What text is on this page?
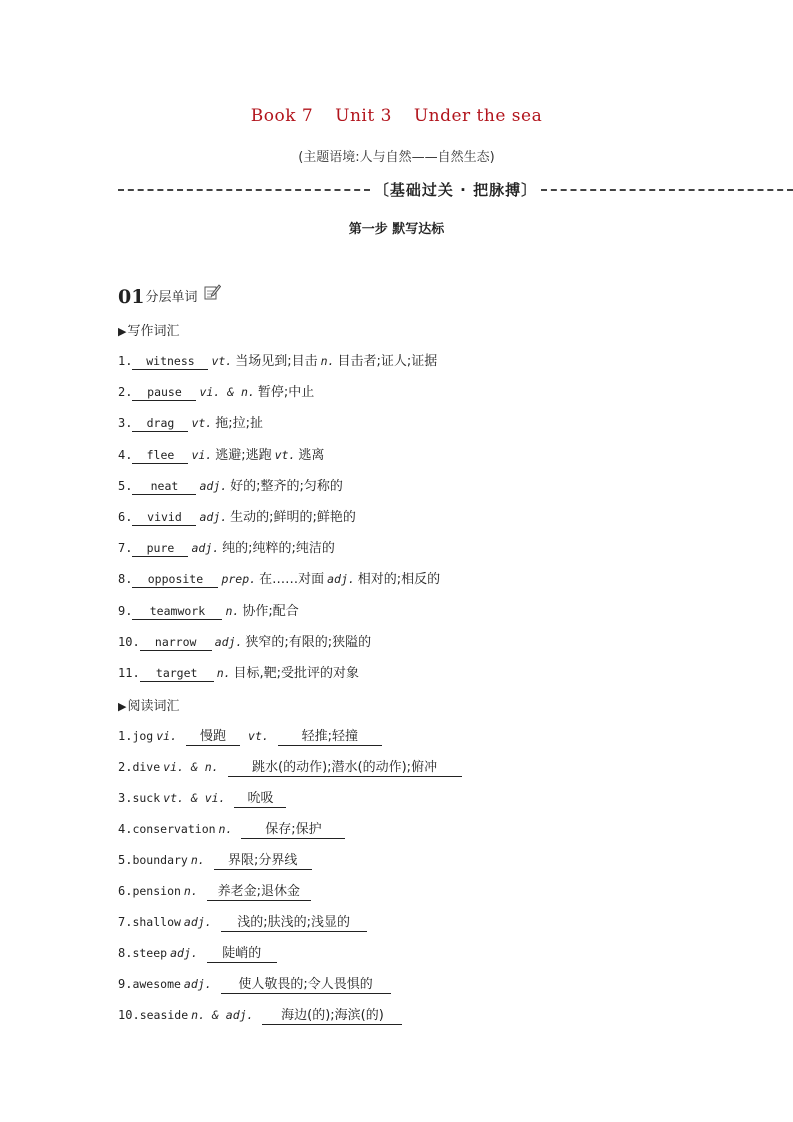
Book 7 Unit 3 Under the sea
(主题语境:人与自然——自然生态)
〔基础过关 · 把脉搏〕
第一步 默写达标
01 分层单词
▶写作词汇
1. witness vt. 当场见到;目击 n. 目击者;证人;证据
2. pause vi. & n. 暂停;中止
3. drag vt. 拖;拉;扯
4. flee vi. 逃避;逃跑 vt. 逃离
5. neat adj. 好的;整齐的;匀称的
6. vivid adj. 生动的;鲜明的;鲜艳的
7. pure adj. 纯的;纯粹的;纯洁的
8. opposite prep. 在……对面 adj. 相对的;相反的
9. teamwork n. 协作;配合
10. narrow adj. 狭窄的;有限的;狭隘的
11. target n. 目标,靶;受批评的对象
▶阅读词汇
1.jog vi. 慢跑 vt.	轻推;轻撞
2.dive vi. & n.	跳水(的动作);潜水(的动作);俯冲
3.suck vt. & vi. 吮吸
4.conservation n.	保存;保护
5.boundary n. 界限;分界线
6.pension n. 养老金;退休金
7.shallow adj. 浅的;肤浅的;浅显的
8.steep adj. 陡峭的
9.awesome adj. 使人敬畏的;令人畏惧的
10.seaside n. & adj. 海边(的);海滨(的)
